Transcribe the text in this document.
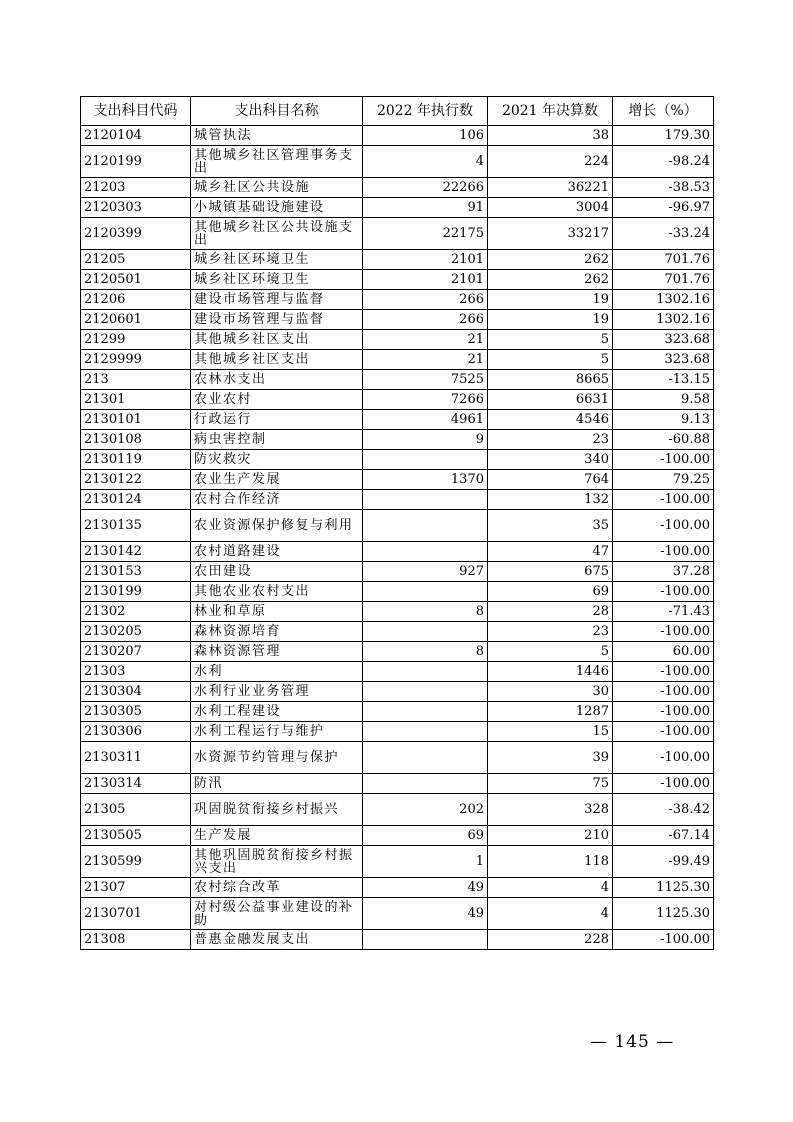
支出科目代码	支出科目名称	2022 年执行数	2021 年决算数	增长（%）
2120104	城管执法	106	38	179.30
2120199	其他城乡社区管理事务支出	4	224	-98.24
21203	城乡社区公共设施	22266	36221	-38.53
2120303	小城镇基础设施建设	91	3004	-96.97
2120399	其他城乡社区公共设施支出	22175	33217	-33.24
21205	城乡社区环境卫生	2101	262	701.76
2120501	城乡社区环境卫生	2101	262	701.76
21206	建设市场管理与监督	266	19	1302.16
2120601	建设市场管理与监督	266	19	1302.16
21299	其他城乡社区支出	21	5	323.68
2129999	其他城乡社区支出	21	5	323.68
213	农林水支出	7525	8665	-13.15
21301	农业农村	7266	6631	9.58
2130101	行政运行	4961	4546	9.13
2130108	病虫害控制	9	23	-60.88
2130119	防灾救灾		340	-100.00
2130122	农业生产发展	1370	764	79.25
2130124	农村合作经济		132	-100.00
2130135	农业资源保护修复与利用		35	-100.00
2130142	农村道路建设		47	-100.00
2130153	农田建设	927	675	37.28
2130199	其他农业农村支出		69	-100.00
21302	林业和草原	8	28	-71.43
2130205	森林资源培育		23	-100.00
2130207	森林资源管理	8	5	60.00
21303	水利		1446	-100.00
2130304	水利行业业务管理		30	-100.00
2130305	水利工程建设		1287	-100.00
2130306	水利工程运行与维护		15	-100.00
2130311	水资源节约管理与保护		39	-100.00
2130314	防汛		75	-100.00
21305	巩固脱贫衔接乡村振兴	202	328	-38.42
2130505	生产发展	69	210	-67.14
2130599	其他巩固脱贫衔接乡村振兴支出	1	118	-99.49
21307	农村综合改革	49	4	1125.30
2130701	对村级公益事业建设的补助	49	4	1125.30
21308	普惠金融发展支出		228	-100.00
— 145 —
